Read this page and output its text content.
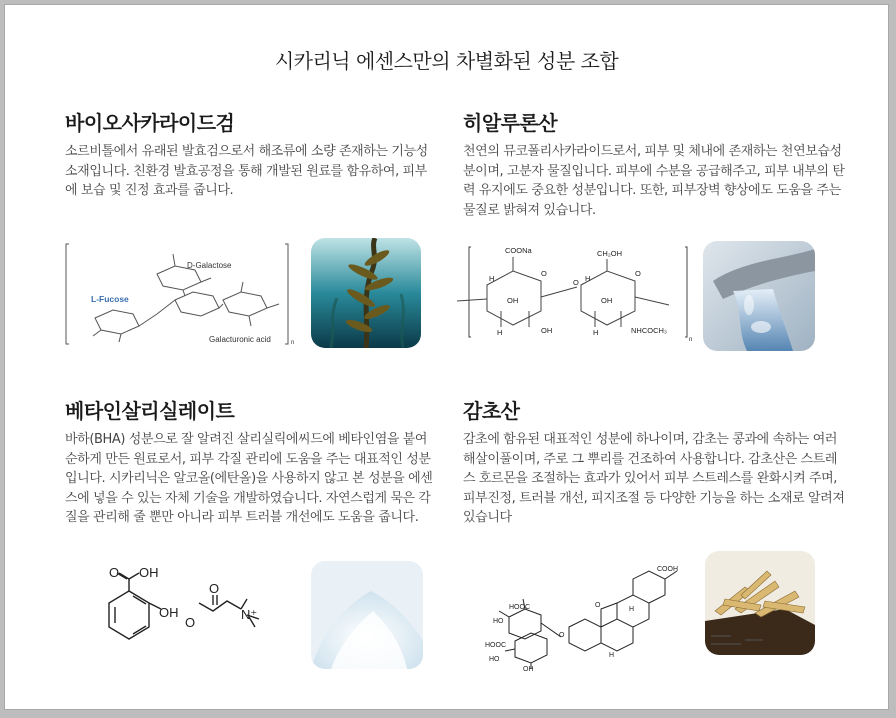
시카리닉 에센스만의 차별화된 성분 조합
바이오사카라이드검

소르비톨에서 유래된 발효검으로서 해조류에 소량 존재하는 기능성 소재입니다. 친환경 발효공정을 통해 개발된 원료를 함유하여, 피부에 보습 및 진정 효과를 줍니다.

히알루론산

천연의 뮤코폴리사카라이드로서, 피부 및 체내에 존재하는 천연보습성분이며, 고분자 물질입니다. 피부에 수분을 공급해주고, 피부 내부의 탄력 유지에도 중요한 성분입니다. 또한, 피부장벽 향상에도 도움을 주는 물질로 밝혀져 있습니다.

베타인살리실레이트

바하(BHA) 성분으로 잘 알려진 살리실릭에씨드에 베타인염을 붙여 순하게 만든 원료로서, 피부 각질 관리에 도움을 주는 대표적인 성분입니다. 시카리닉은 알코올(에탄올)을 사용하지 않고 본 성분을 에센스에 넣을 수 있는 자체 기술을 개발하였습니다. 자연스럽게 묵은 각질을 관리해 줄 뿐만 아니라 피부 트러블 개선에도 도움을 줍니다.

감초산

감초에 함유된 대표적인 성분에 하나이며, 감초는 콩과에 속하는 여러해살이풀이며, 주로 그 뿌리를 건조하여 사용합니다. 감초산은 스트레스 호르몬을 조절하는 효과가 있어서 피부 스트레스를 완화시켜 주며, 피부진정, 트러블 개선, 피지조절 등 다양한 기능을 하는 소재로 알려져 있습니다

D-Galactose
L-Fucose
Galacturonic acid	n
COONa	CH₂OH
O
O
O
OH	OH
OH
H
H
H
H	NHCOCH₃
n
O OH
OH
O
O
N⁺
COOH
HOOC
HOOC
HO
HO
OH
O
O
H
H
